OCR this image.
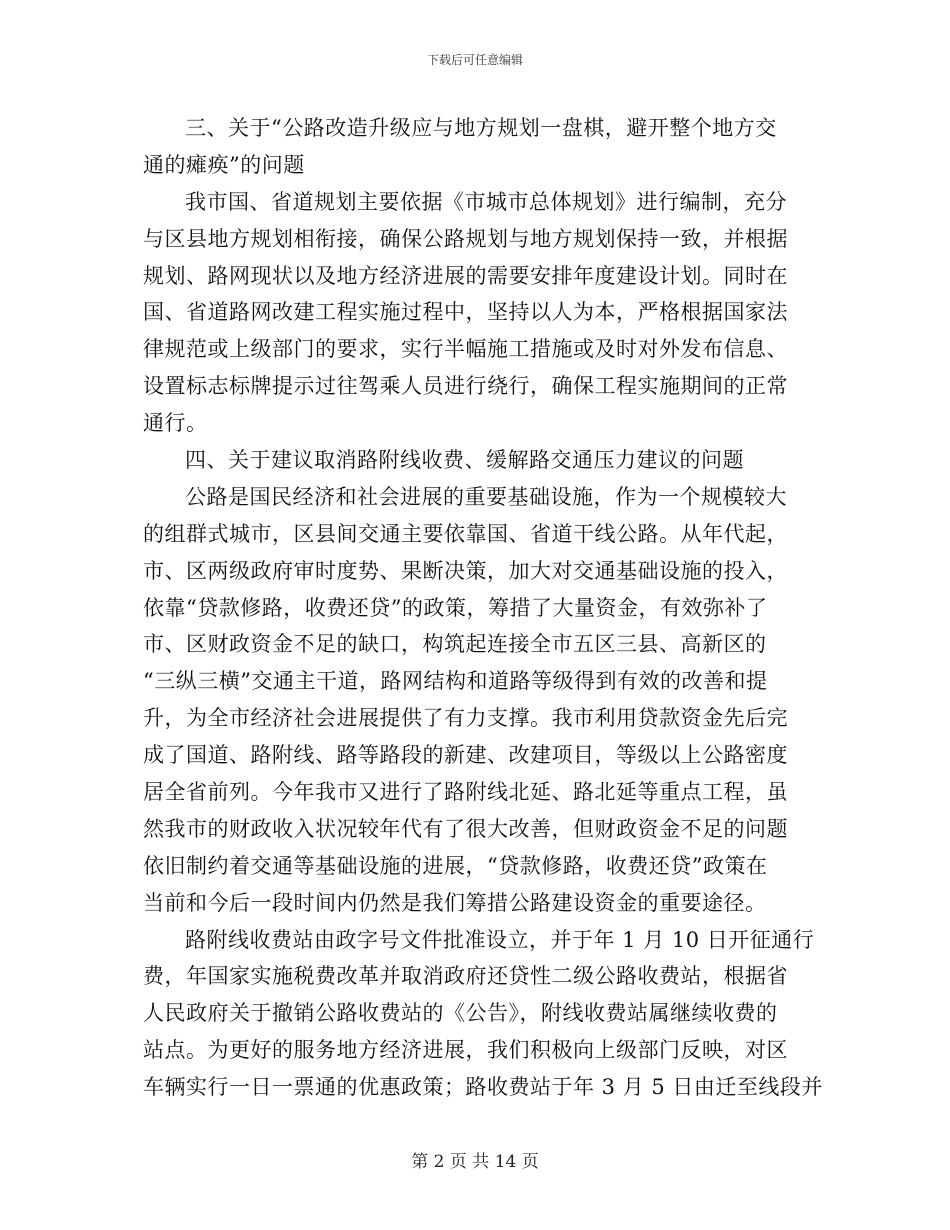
下载后可任意编辑
三、关于“公路改造升级应与地方规划一盘棋，避开整个地方交
通的瘫痪”的问题
我市国、省道规划主要依据《市城市总体规划》进行编制，充分
与区县地方规划相衔接，确保公路规划与地方规划保持一致，并根据
规划、路网现状以及地方经济进展的需要安排年度建设计划。同时在
国、省道路网改建工程实施过程中，坚持以人为本，严格根据国家法
律规范或上级部门的要求，实行半幅施工措施或及时对外发布信息、
设置标志标牌提示过往驾乘人员进行绕行，确保工程实施期间的正常
通行。
四、关于建议取消路附线收费、缓解路交通压力建议的问题
公路是国民经济和社会进展的重要基础设施，作为一个规模较大
的组群式城市，区县间交通主要依靠国、省道干线公路。从年代起，
市、区两级政府审时度势、果断决策，加大对交通基础设施的投入，
依靠“贷款修路，收费还贷”的政策，筹措了大量资金，有效弥补了
市、区财政资金不足的缺口，构筑起连接全市五区三县、高新区的
“三纵三横”交通主干道，路网结构和道路等级得到有效的改善和提
升，为全市经济社会进展提供了有力支撑。我市利用贷款资金先后完
成了国道、路附线、路等路段的新建、改建项目，等级以上公路密度
居全省前列。今年我市又进行了路附线北延、路北延等重点工程，虽
然我市的财政收入状况较年代有了很大改善，但财政资金不足的问题
依旧制约着交通等基础设施的进展，“贷款修路，收费还贷”政策在
当前和今后一段时间内仍然是我们筹措公路建设资金的重要途径。
路附线收费站由政字号文件批准设立，并于年 1 月 10 日开征通行
费，年国家实施税费改革并取消政府还贷性二级公路收费站，根据省
人民政府关于撤销公路收费站的《公告》，附线收费站属继续收费的
站点。为更好的服务地方经济进展，我们积极向上级部门反映，对区
车辆实行一日一票通的优惠政策；路收费站于年 3 月 5 日由迁至线段并
第 2 页 共 14 页
